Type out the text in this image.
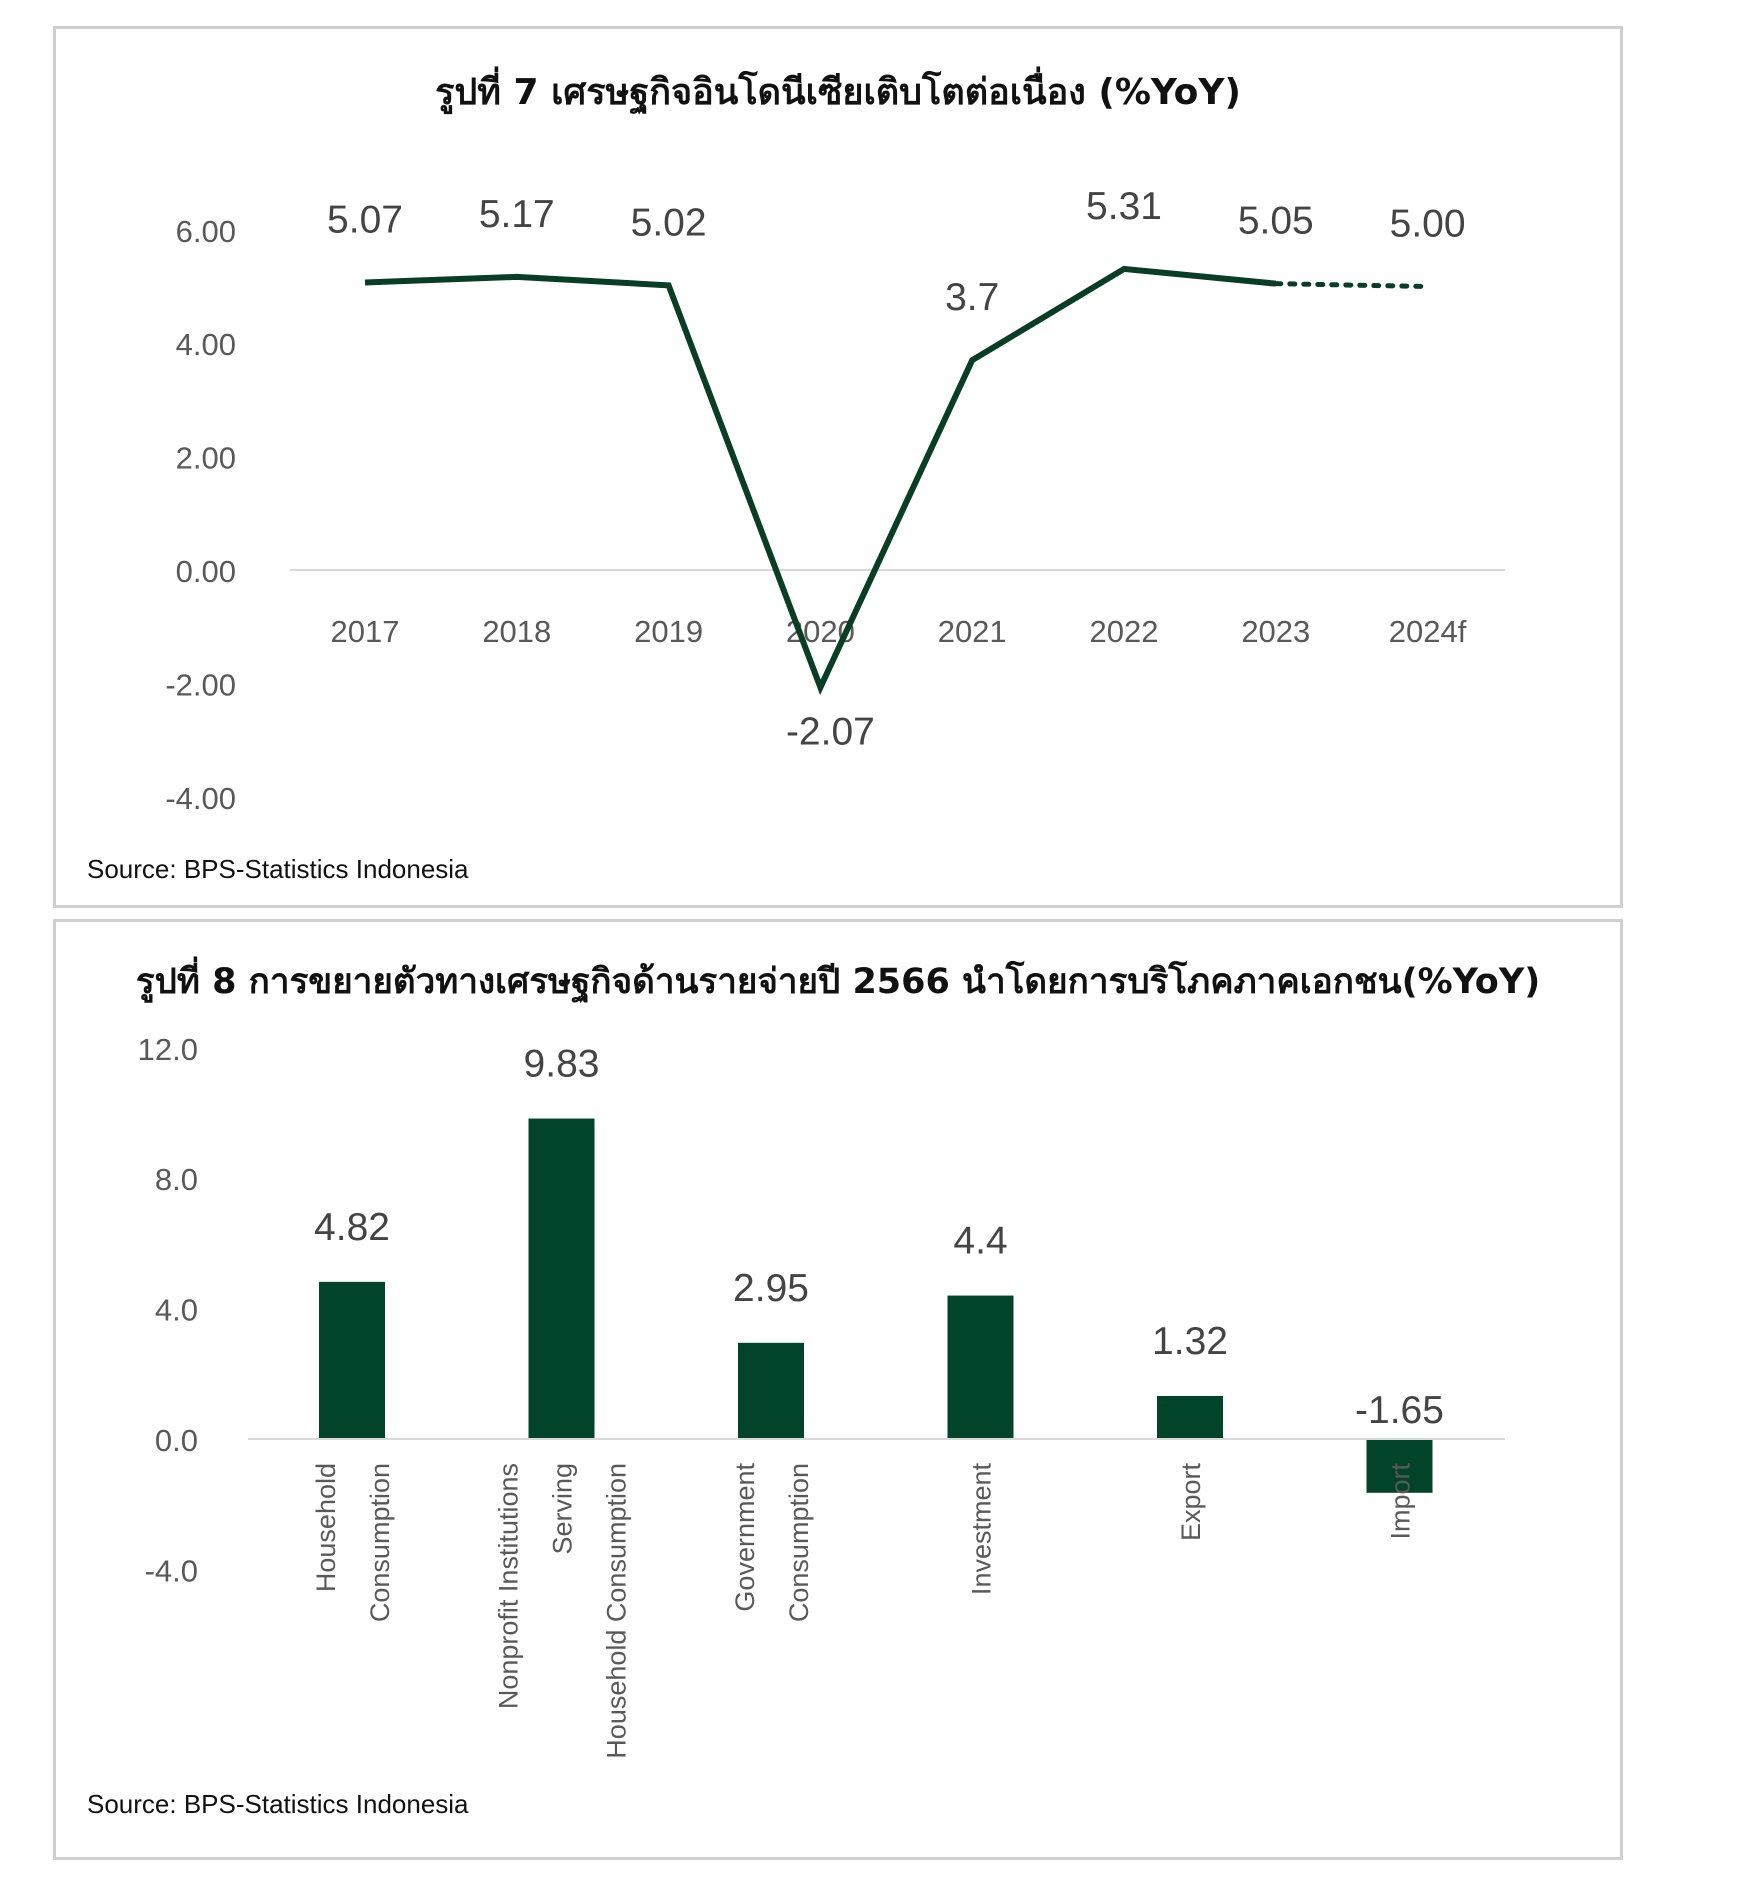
รูปที่ 7 เศรษฐกิจอินโดนีเซียเติบโตต่อเนื่อง (%YoY)
Source: BPS-Statistics Indonesia
รูปที่ 8 การขยายตัวทางเศรษฐกิจด้านรายจ่ายปี 2566 นำโดยการบริโภคภาคเอกชน(%YoY)
Source: BPS-Statistics Indonesia
6.00
4.00
2.00
0.00
-2.00
-4.00
2017	2018	2019	2020	2021	2022	2023	2024f
5.07 5.17 5.02
-2.07
3.7
5.31 5.05 5.00
12.0
8.0
4.0
0.0
-4.0
4.82
9.83
2.95
4.4
1.32
-1.65
Household Consumption	Nonprofit Institutions Serving Household Consumption	Government Consumption	Investment	Export	Import
